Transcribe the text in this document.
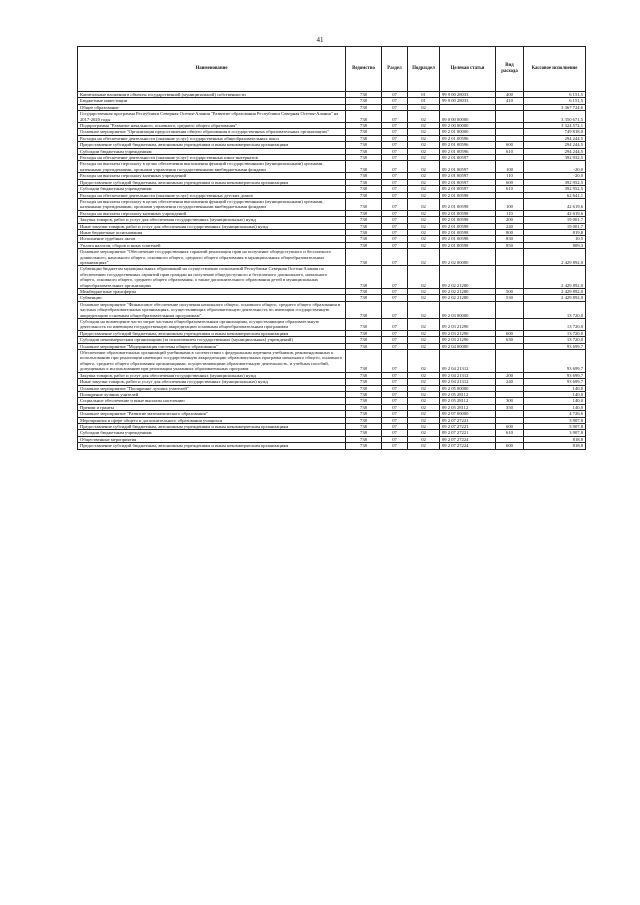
41
Наименование	Ведомство	Раздел	Подраздел	Целевая статья	Вид расхода	Кассовое исполнение
Капитальные вложения в объекты государственной (муниципальной) собственности	738	07	01	99 9 00 28033	400	6 151,5
Бюджетные инвестиции	738	07	01	99 9 00 28033	410	6 151,5
Общее образование	738	07	02			3 367 724,6
Государственная программа Республики Северная Осетия-Алания "Развитие образования Республики Северная Осетия-Алания" на 2017-2020 годы	738	07	02	09 0 00 00000		3 350 671,5
Подпрограмма "Развитие начального, основного, среднего общего образования"	738	07	02	09 2 00 00000		3 324 572,1
Основное мероприятие "Организация предоставления общего образования в государственных образовательных организациях"	738	07	02	09 2 01 00000		749 818,0
Расходы на обеспечение деятельности (оказание услуг) государственных общеобразовательных школ	738	07	02	09 2 01 00596		294 244,5
Предоставление субсидий бюджетным, автономным учреждениям и иным некоммерческим организациям	738	07	02	09 2 01 00596	600	294 244,5
Субсидии бюджетным учреждениям	738	07	02	09 2 01 00596	610	294 244,5
Расходы на обеспечение деятельности (оказание услуг) государственных школ-интернатов	738	07	02	09 2 01 00597		392 932,5
Расходы на выплаты персоналу в целях обеспечения выполнения функций государственными (муниципальными) органами, казенными учреждениями, органами управления государственными внебюджетными фондами	738	07	02	09 2 01 00597	100	-20,0
Расходы на выплаты персоналу казенных учреждений	738	07	02	09 2 01 00597	110	-20,0
Предоставление субсидий бюджетным, автономным учреждениям и иным некоммерческим организациям	738	07	02	09 2 01 00597	600	392 952,5
Субсидии бюджетным учреждениям	738	07	02	09 2 01 00597	610	392 952,5
Расходы на обеспечение деятельности (оказание услуг) государственных детских домов	738	07	02	09 2 01 00598		62 641,1
Расходы на выплаты персоналу в целях обеспечения выполнения функций государственными (муниципальными) органами, казенными учреждениями, органами управления государственными внебюджетными фондами	738	07	02	09 2 01 00598	100	42 619,6
Расходы на выплаты персоналу казенных учреждений	738	07	02	09 2 01 00598	110	42 619,6
Закупка товаров, работ и услуг для обеспечения государственных (муниципальных) нужд	738	07	02	09 2 01 00598	200	19 001,7
Иные закупки товаров, работ и услуг для обеспечения государственных (муниципальных) нужд	738	07	02	09 2 01 00598	240	19 001,7
Иные бюджетные ассигнования	738	07	02	09 2 01 00598	800	819,8
Исполнение судебных актов	738	07	02	09 2 01 00598	830	10,5
Уплата налогов, сборов и иных платежей	738	07	02	09 2 01 00598	850	809,3
Основное мероприятие "Обеспечение государственных гарантий реализации прав на получение общедоступного и бесплатного дошкольного, начального общего, основного общего, среднего общего образования в муниципальных общеобразовательных организациях"	738	07	02	09 2 02 00000		2 429 892,0
Субвенции бюджетам муниципальных образований на осуществление полномочий Республики Северная Осетия-Алания по обеспечению государственных гарантий прав граждан на получение общедоступного и бесплатного дошкольного, начального общего, основного общего, среднего общего образования, а также дополнительного образования детей в муниципальных общеобразовательных организациях	738	07	02	09 2 02 21280		2 429 892,0
Межбюджетные трансферты	738	07	02	09 2 02 21280	500	2 429 892,0
Субвенции	738	07	02	09 2 02 21280	530	2 429 892,0
Основное мероприятие "Финансовое обеспечение получения начального общего, основного общего, среднего общего образования в частных общеобразовательных организациях, осуществляющих образовательную деятельность по имеющим государственную аккредитацию основным общеобразовательным программам"	738	07	02	09 2 03 00000		13 720,0
Субсидии на возмещение части затрат частным общеобразовательным организациям, осуществляющим образовательную деятельность по имеющим государственную аккредитацию основным общеобразовательным программам	738	07	02	09 2 03 21290		13 720,0
Предоставление субсидий бюджетным, автономным учреждениям и иным некоммерческим организациям	738	07	02	09 2 03 21290	600	13 720,0
Субсидии некоммерческим организациям (за исключением государственных (муниципальных) учреждений)	738	07	02	09 2 03 21290	630	13 720,0
Основное мероприятие "Модернизация системы общего образования"	738	07	02	09 2 04 00000		93 699,7
Обеспечение образовательных организаций учебниками в соответствии с федеральным перечнем учебников, рекомендованных к использованию при реализации имеющих государственную аккредитацию образовательных программ начального общего, основного общего, среднего общего образования организациями, осуществляющими образовательную деятельность, и учебных пособий, допущенных к использованию при реализации указанных образовательных программ	738	07	02	09 2 04 21312		93 699,7
Закупка товаров, работ и услуг для обеспечения государственных (муниципальных) нужд	738	07	02	09 2 04 21312	200	93 699,7
Иные закупки товаров, работ и услуг для обеспечения государственных (муниципальных) нужд	738	07	02	09 2 04 21312	240	93 699,7
Основное мероприятие "Поощрение лучших учителей"	738	07	02	09 2 05 00000		140,0
Поощрение лучших учителей	738	07	02	09 2 05 28112		140,0
Социальное обеспечение и иные выплаты населению	738	07	02	09 2 05 28112	300	140,0
Премии и гранты	738	07	02	09 2 05 28112	350	140,0
Основное мероприятие "Развитие математического образования"	738	07	02	09 2 07 00000		4 726,6
Мероприятия в сфере общего и дополнительного образования учащихся	738	07	02	09 2 07 27221		3 907,8
Предоставление субсидий бюджетным, автономным учреждениям и иным некоммерческим организациям	738	07	02	09 2 07 27221	600	3 907,8
Субсидии бюджетным учреждениям	738	07	02	09 2 07 27221	610	3 907,8
Общественные мероприятия	738	07	02	09 2 07 27224		818,8
Предоставление субсидий бюджетным, автономным учреждениям и иным некоммерческим организациям	738	07	02	09 2 07 27224	600	818,8
